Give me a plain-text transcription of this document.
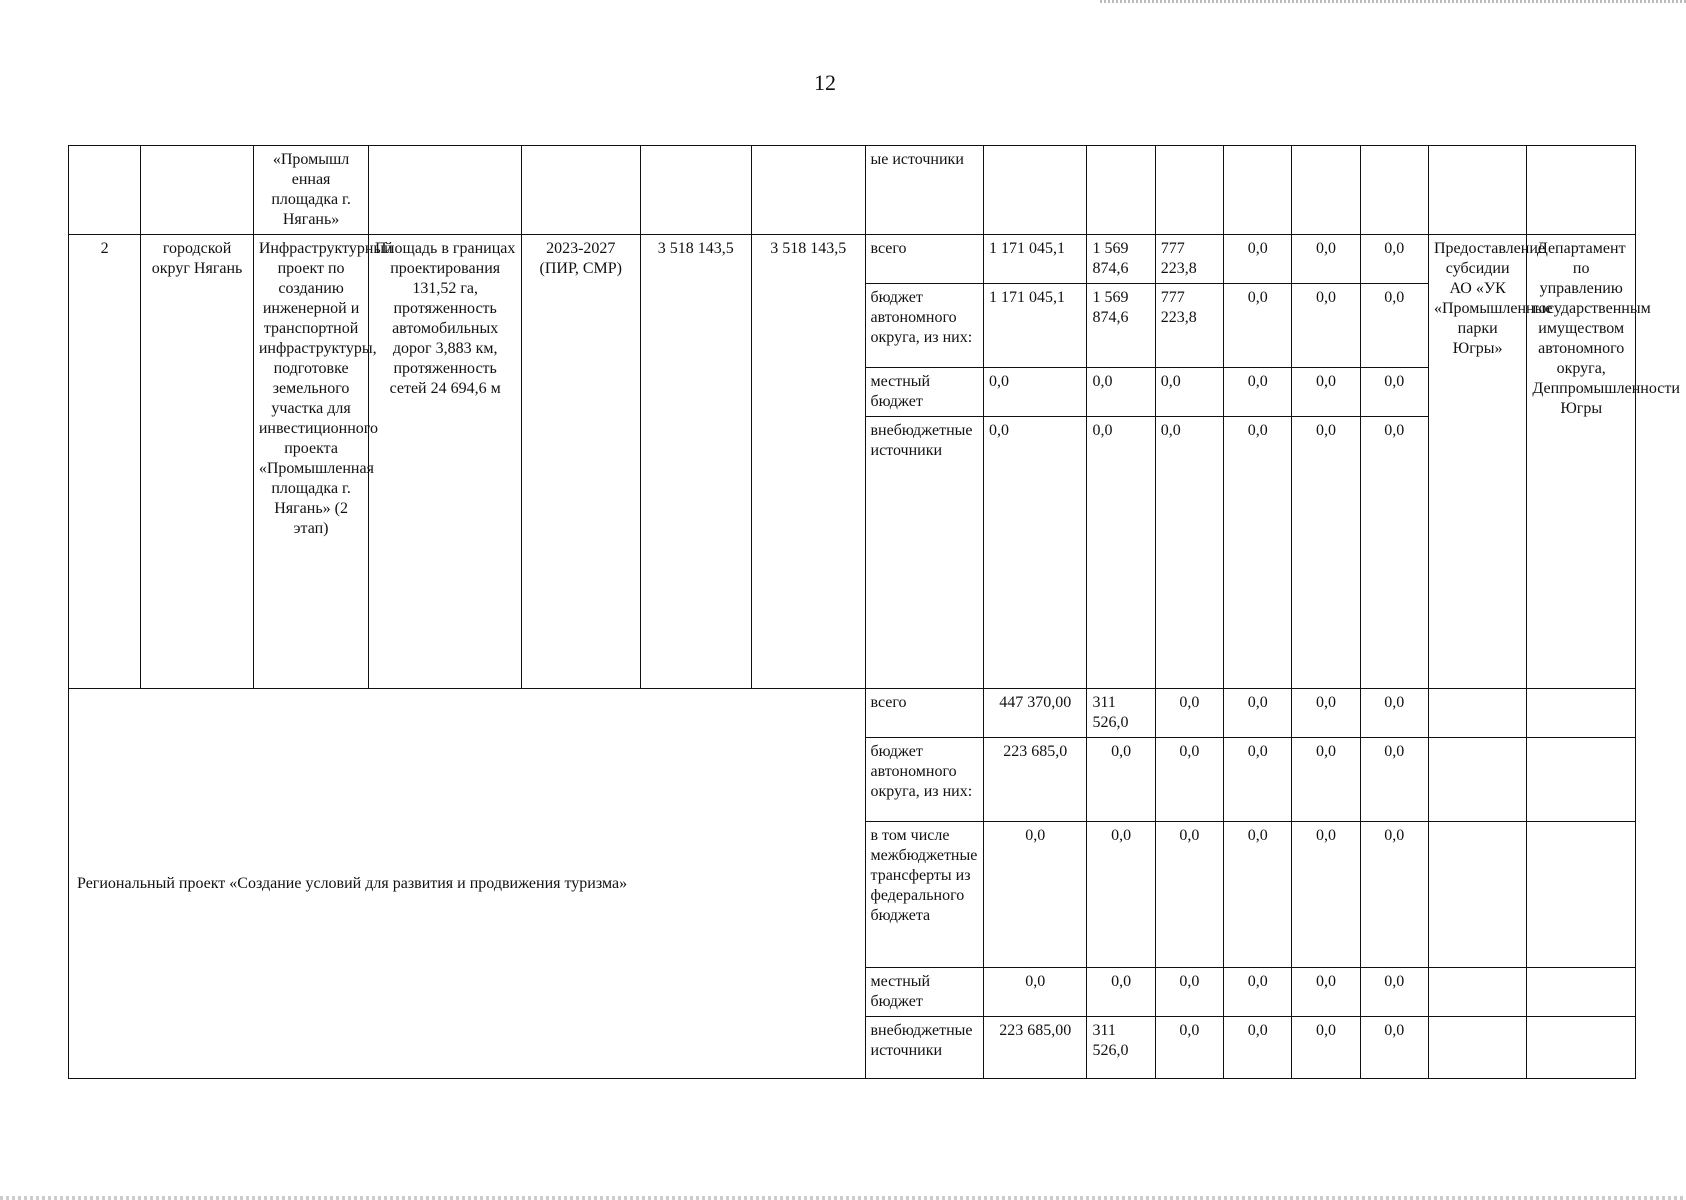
12
		«Промышл енная площадка г. Нягань»					ые источники								
2	городской округ Нягань	Инфраструктурный проект по созданию инженерной и транспортной инфраструктуры, подготовке земельного участка для инвестиционного проекта «Промышленная площадка г. Нягань» (2 этап)	Площадь в границах проектирования 131,52 га, протяженность автомобильных дорог 3,883 км, протяженность сетей 24 694,6 м	2023-2027 (ПИР, СМР)	3 518 143,5	3 518 143,5	всего	1 171 045,1	1 569 874,6	777 223,8	0,0	0,0	0,0	Предоставление субсидии АО «УК «Промышленные парки Югры»	Департамент по управлению государственным имуществом автономного округа, Деппромышленности Югры
							бюджет автономного округа, из них:	1 171 045,1	1 569 874,6	777 223,8	0,0	0,0	0,0		
							местный бюджет	0,0	0,0	0,0	0,0	0,0	0,0		
							внебюджетные источники	0,0	0,0	0,0	0,0	0,0	0,0		
Региональный проект «Создание условий для развития и продвижения туризма»							всего	447 370,00	311 526,0	0,0	0,0	0,0	0,0		
							бюджет автономного округа, из них:	223 685,0	0,0	0,0	0,0	0,0	0,0		
							в том числе межбюджетные трансферты из федерального бюджета	0,0	0,0	0,0	0,0	0,0	0,0		
							местный бюджет	0,0	0,0	0,0	0,0	0,0	0,0		
							внебюджетные источники	223 685,00	311 526,0	0,0	0,0	0,0	0,0		
